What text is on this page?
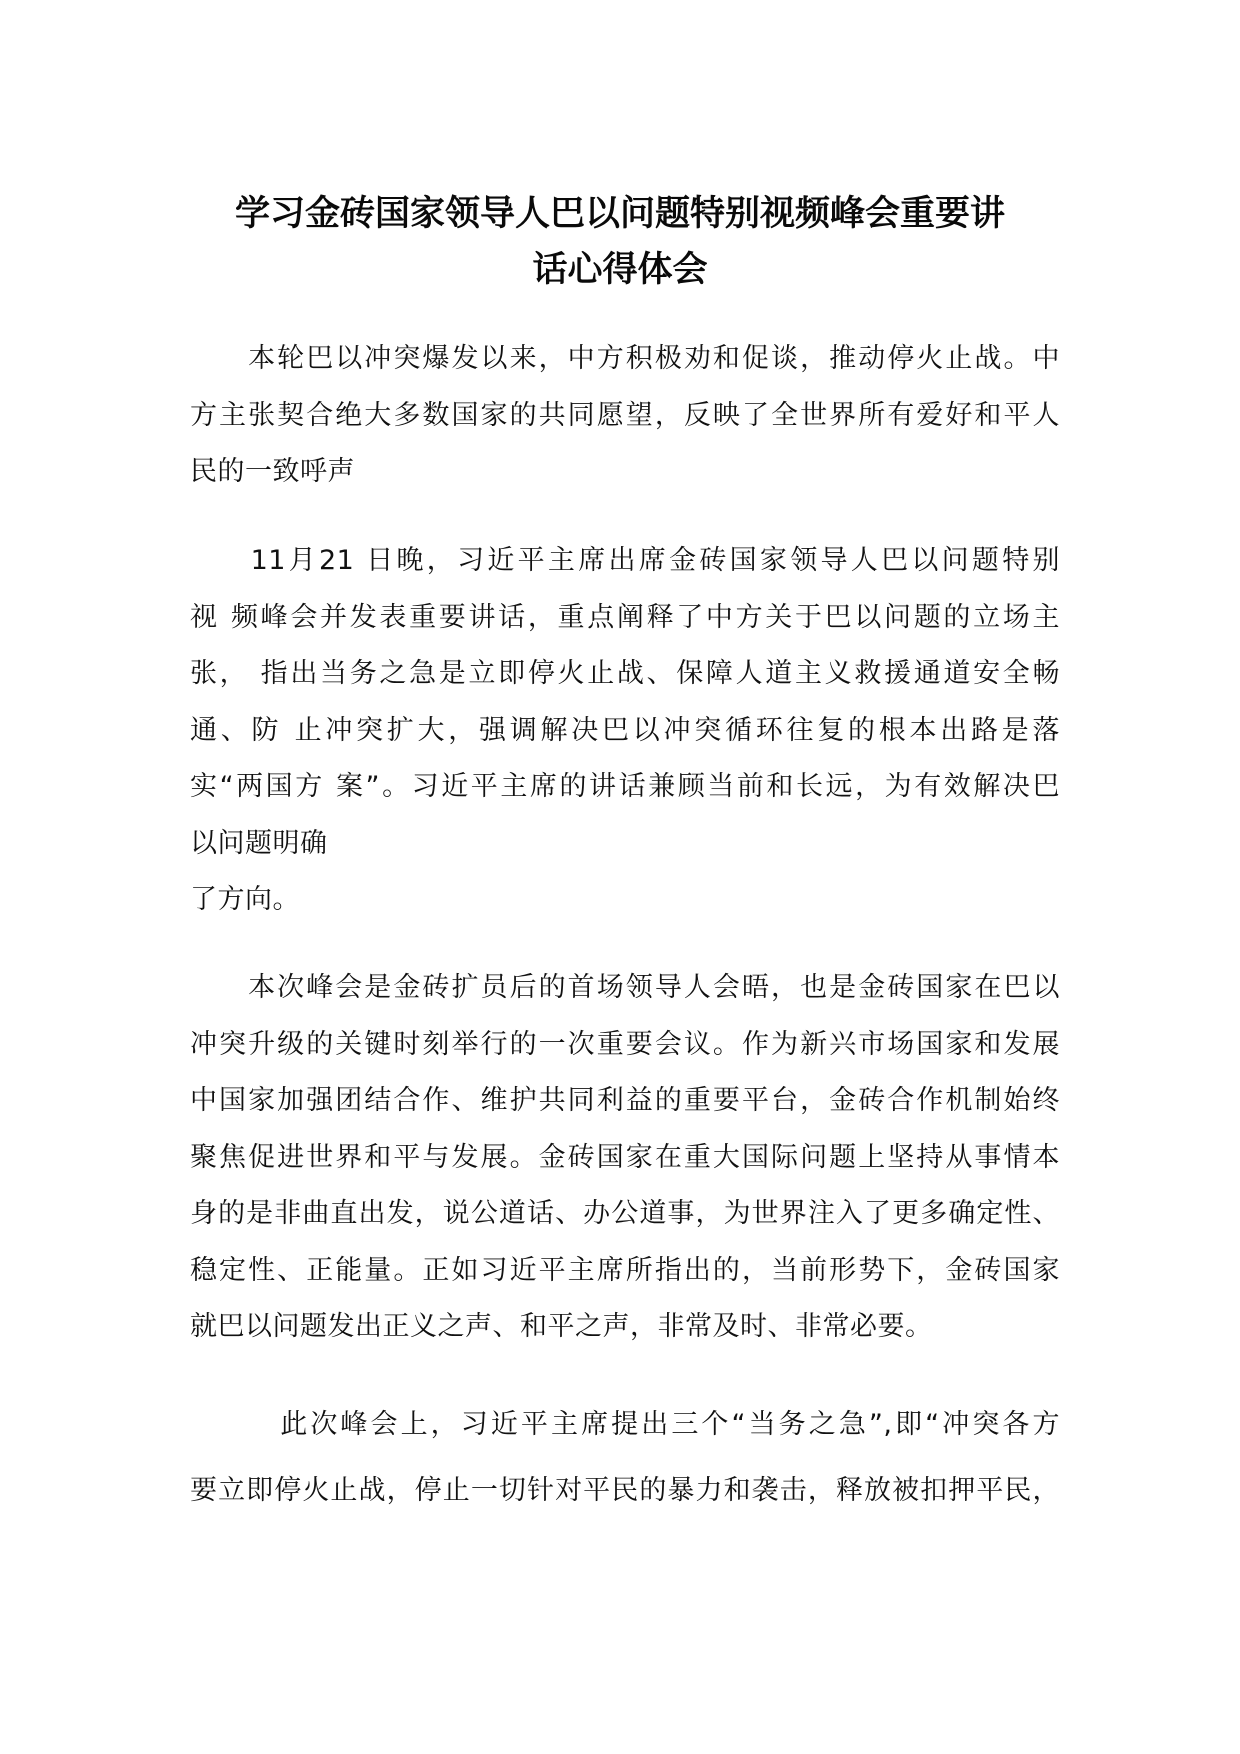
学习金砖国家领导人巴以问题特别视频峰会重要讲
话心得体会

　　本轮巴以冲突爆发以来，中方积极劝和促谈，推动停火止战。中
方主张契合绝大多数国家的共同愿望，反映了全世界所有爱好和平人
民的一致呼声

　　11月21 日晚，习近平主席出席金砖国家领导人巴以问题特别
视 频峰会并发表重要讲话，重点阐释了中方关于巴以问题的立场主
张， 指出当务之急是立即停火止战、保障人道主义救援通道安全畅
通、防 止冲突扩大，强调解决巴以冲突循环往复的根本出路是落
实“两国方 案”。习近平主席的讲话兼顾当前和长远，为有效解决巴
以问题明确
了方向。

　　本次峰会是金砖扩员后的首场领导人会晤，也是金砖国家在巴以
冲突升级的关键时刻举行的一次重要会议。作为新兴市场国家和发展
中国家加强团结合作、维护共同利益的重要平台，金砖合作机制始终
聚焦促进世界和平与发展。金砖国家在重大国际问题上坚持从事情本
身的是非曲直出发，说公道话、办公道事，为世界注入了更多确定性、
稳定性、正能量。正如习近平主席所指出的，当前形势下，金砖国家
就巴以问题发出正义之声、和平之声，非常及时、非常必要。

　　　此次峰会上，习近平主席提出三个“当务之急”,即“冲突各方
要立即停火止战，停止一切针对平民的暴力和袭击，释放被扣押平民，
